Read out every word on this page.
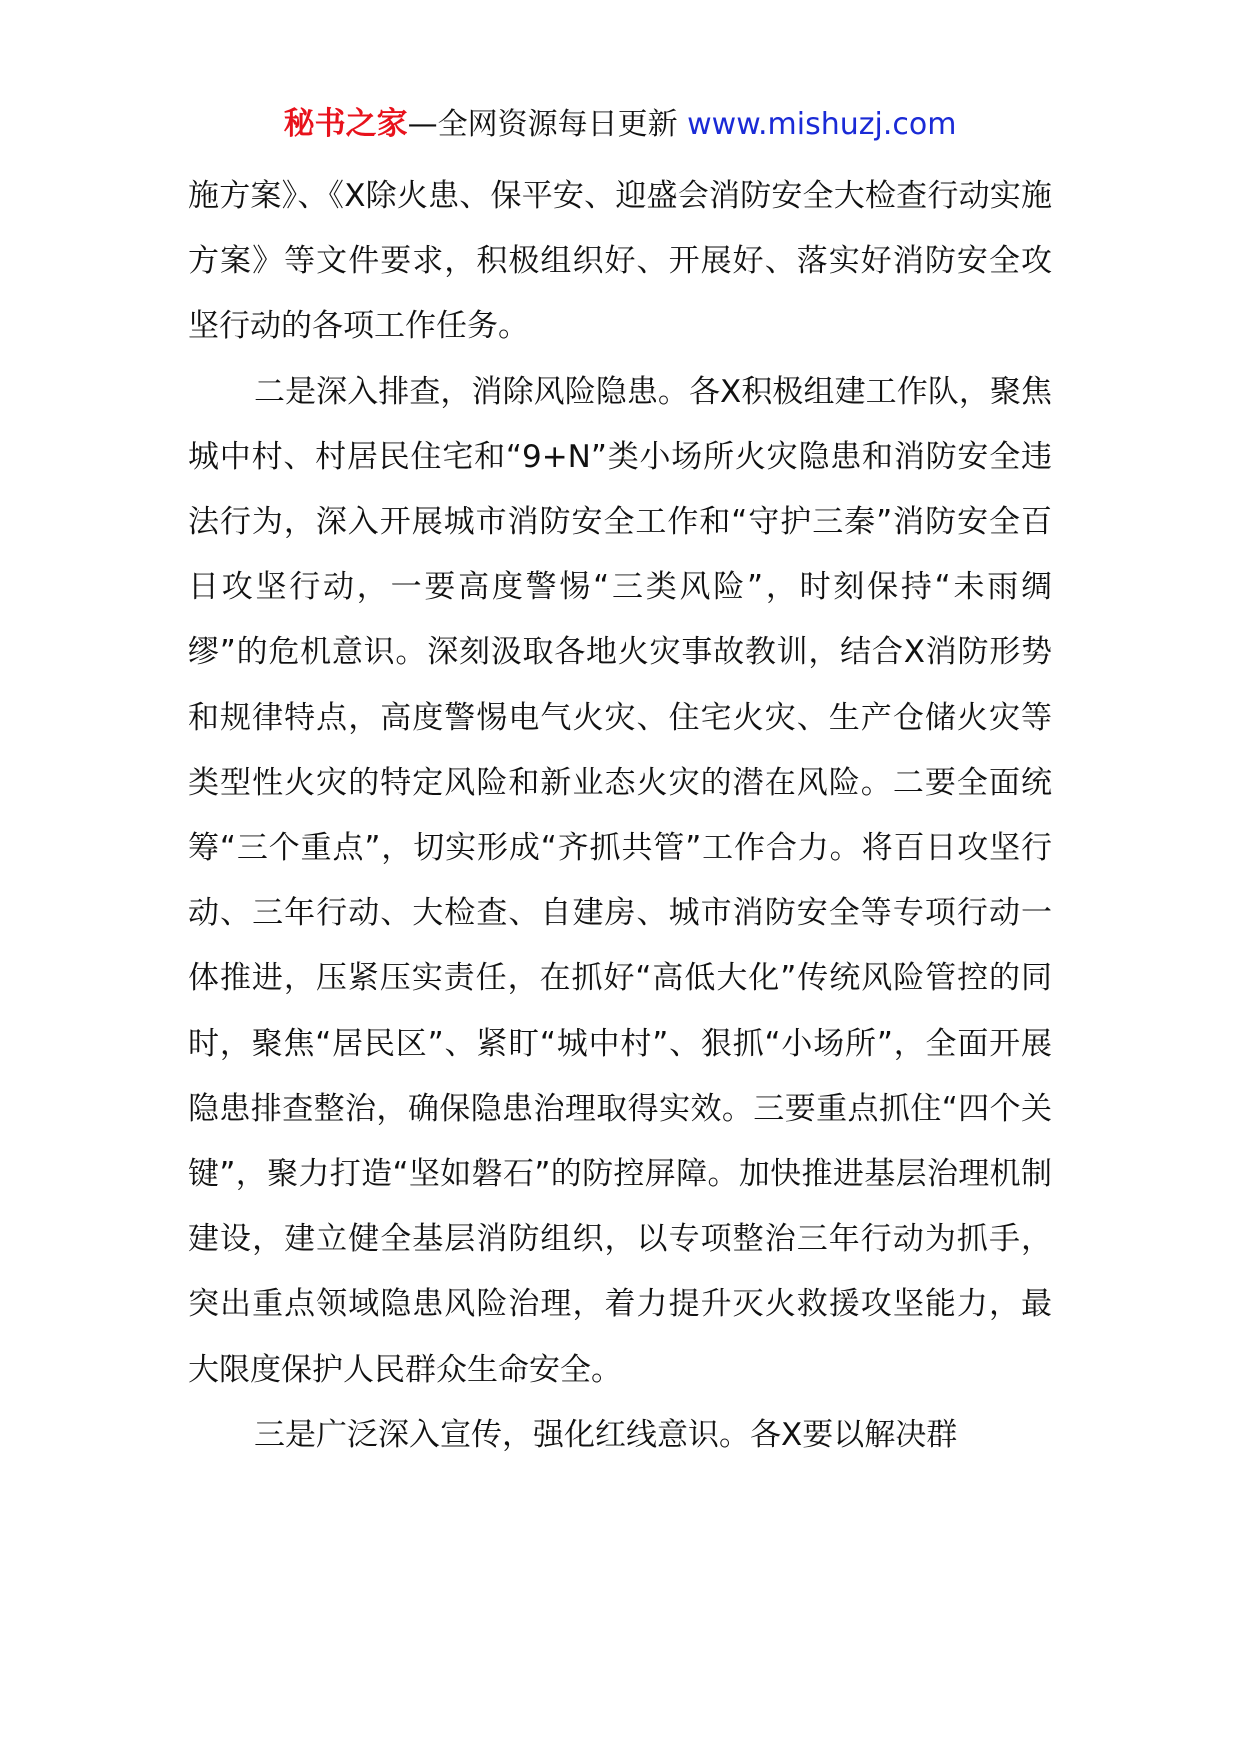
秘书之家—全网资源每日更新 www.mishuzj.com

施方案》、《X除火患、保平安、迎盛会消防安全大检查行动实施方案》等文件要求，积极组织好、开展好、落实好消防安全攻坚行动的各项工作任务。

二是深入排查，消除风险隐患。各X积极组建工作队，聚焦城中村、村居民住宅和“9+N”类小场所火灾隐患和消防安全违法行为，深入开展城市消防安全工作和“守护三秦”消防安全百日攻坚行动，一要高度警惕“三类风险”，时刻保持“未雨绸缪”的危机意识。深刻汲取各地火灾事故教训，结合X消防形势和规律特点，高度警惕电气火灾、住宅火灾、生产仓储火灾等类型性火灾的特定风险和新业态火灾的潜在风险。二要全面统筹“三个重点”，切实形成“齐抓共管”工作合力。将百日攻坚行动、三年行动、大检查、自建房、城市消防安全等专项行动一体推进，压紧压实责任，在抓好“高低大化”传统风险管控的同时，聚焦“居民区”、紧盯“城中村”、狠抓“小场所”，全面开展隐患排查整治，确保隐患治理取得实效。三要重点抓住“四个关键”，聚力打造“坚如磐石”的防控屏障。加快推进基层治理机制建设，建立健全基层消防组织，以专项整治三年行动为抓手，突出重点领域隐患风险治理，着力提升灭火救援攻坚能力，最大限度保护人民群众生命安全。

三是广泛深入宣传，强化红线意识。各X要以解决群
